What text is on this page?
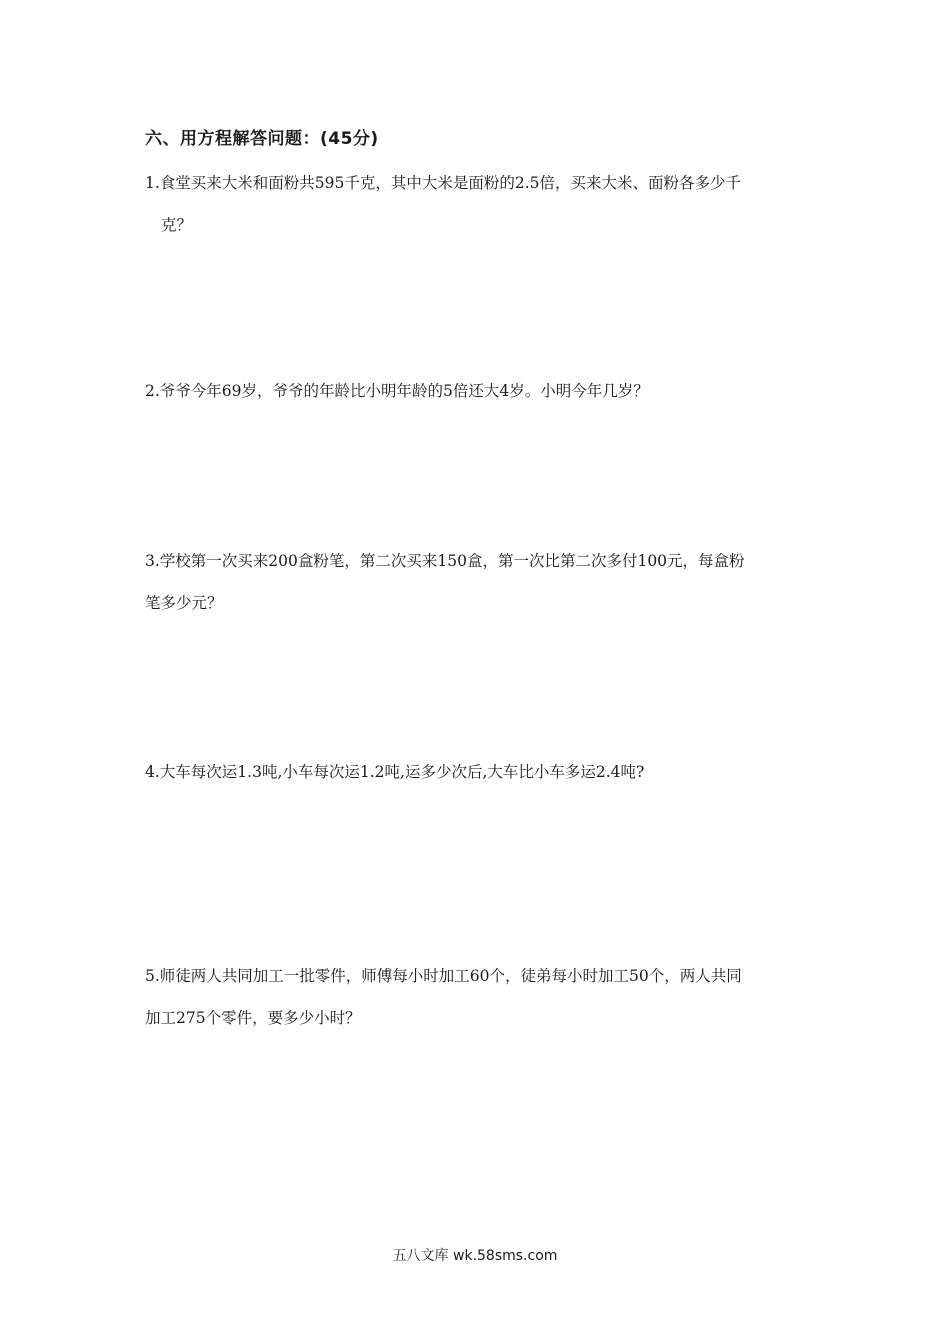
六、用方程解答问题：(45分)
1.食堂买来大米和面粉共595千克，其中大米是面粉的2.5倍，买来大米、面粉各多少千
克？
2.爷爷今年69岁，爷爷的年龄比小明年龄的5倍还大4岁。小明今年几岁？
3.学校第一次买来200盒粉笔，第二次买来150盒，第一次比第二次多付100元，每盒粉
笔多少元？
4.大车每次运1.3吨,小车每次运1.2吨,运多少次后,大车比小车多运2.4吨?
5.师徒两人共同加工一批零件，师傅每小时加工60个，徒弟每小时加工50个，两人共同
加工275个零件，要多少小时？
五八文库 wk.58sms.com
